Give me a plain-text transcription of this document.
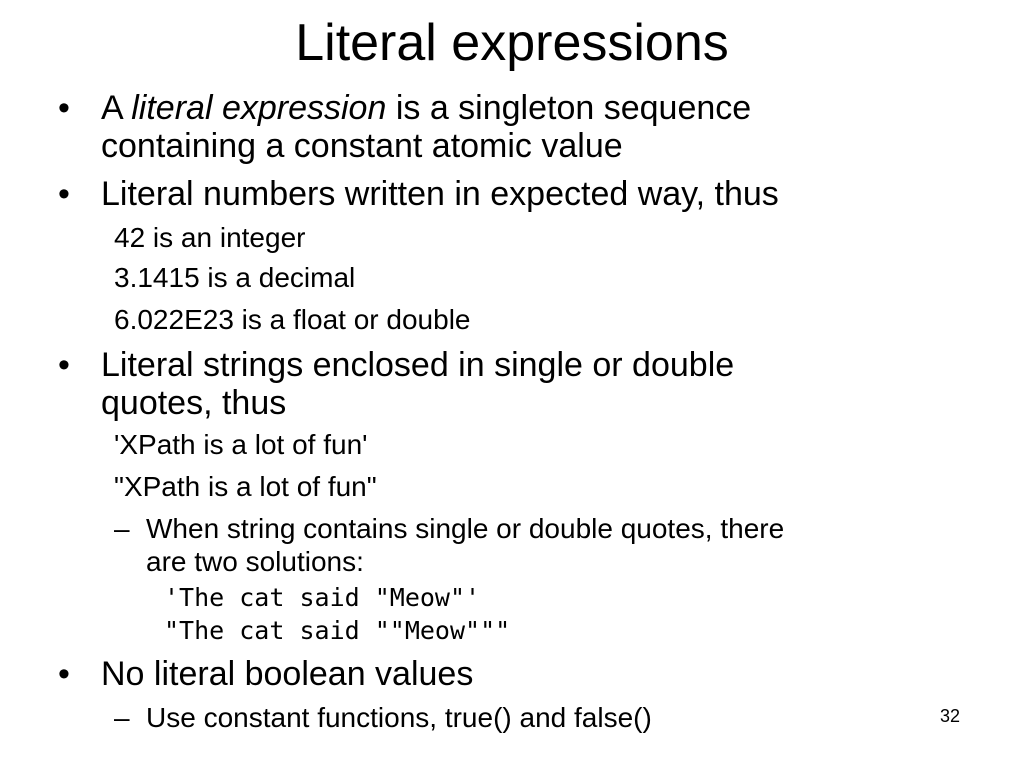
Literal expressions
• A literal expression is a singleton sequence
containing a constant atomic value
• Literal numbers written in expected way, thus
42 is an integer
3.1415 is a decimal
6.022E23 is a float or double
• Literal strings enclosed in single or double
quotes, thus
'XPath is a lot of fun'
"XPath is a lot of fun"
– When string contains single or double quotes, there
are two solutions:
'The cat said "Meow"'
"The cat said ""Meow"""
• No literal boolean values
– Use constant functions, true() and false()	32
